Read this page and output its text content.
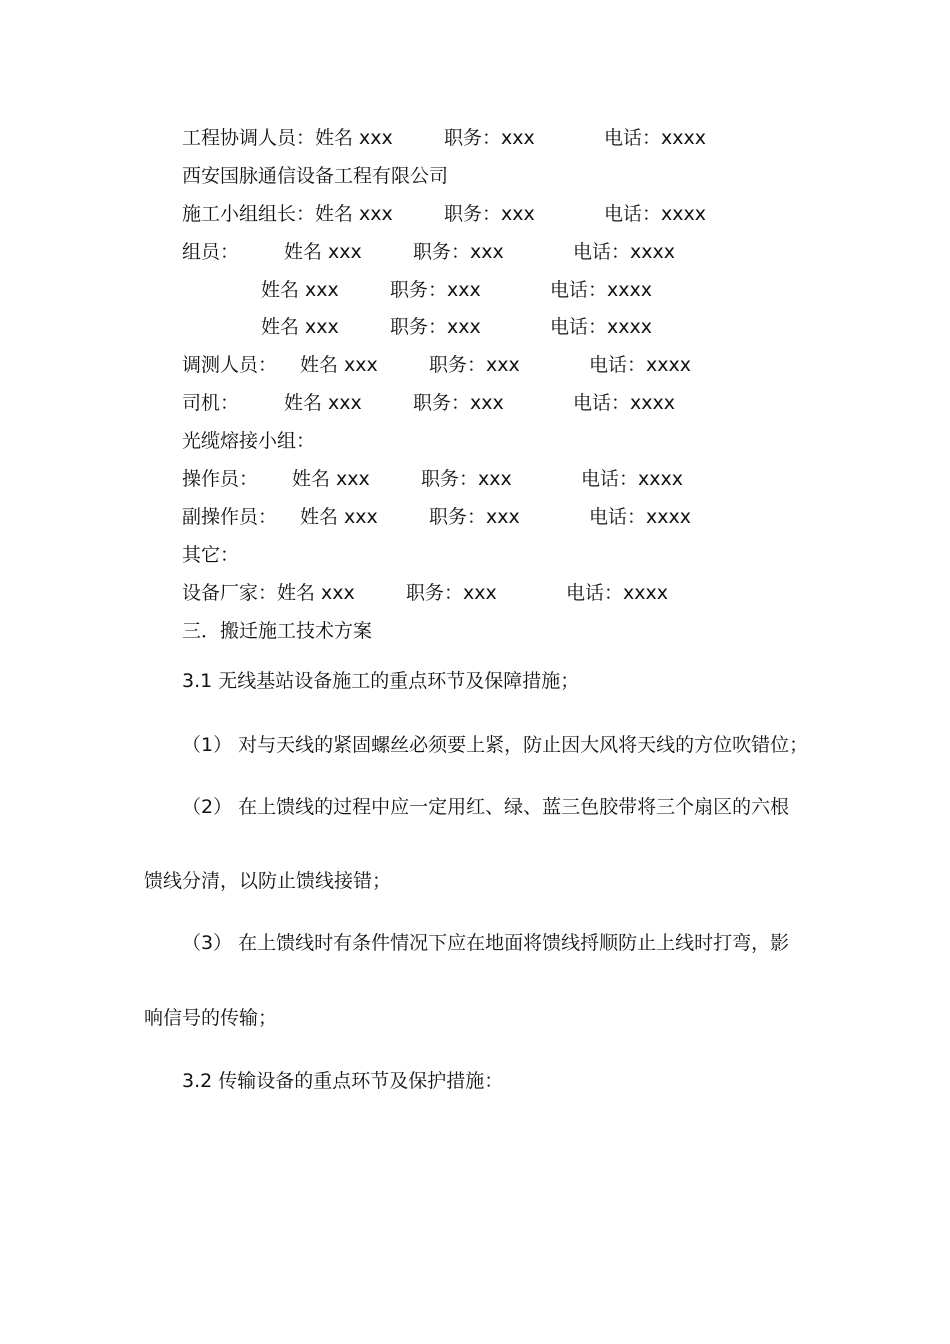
工程协调人员： 姓名 xxx	职务：xxx	电话：xxxx
西安国脉通信设备工程有限公司
施工小组组长： 姓名 xxx	职务：xxx	电话：xxxx
组员： 姓名 xxx	职务：xxx	电话：xxxx
姓名 xxx	职务：xxx	电话：xxxx
姓名 xxx	职务：xxx	电话：xxxx
调测人员： 姓名 xxx	职务：xxx	电话：xxxx
司机： 姓名 xxx	职务：xxx	电话：xxxx
光缆熔接小组：
操作员： 姓名 xxx	职务：xxx	电话：xxxx
副操作员： 姓名 xxx	职务：xxx	电话：xxxx
其它：
设备厂家： 姓名 xxx	职务：xxx	电话：xxxx
三．搬迁施工技术方案
3.1 无线基站设备施工的重点环节及保障措施；
（1） 对与天线的紧固螺丝必须要上紧，防止因大风将天线的方位吹错位；
（2） 在上馈线的过程中应一定用红、绿、蓝三色胶带将三个扇区的六根
馈线分清，以防止馈线接错；
（3） 在上馈线时有条件情况下应在地面将馈线捋顺防止上线时打弯，影
响信号的传输；
3.2 传输设备的重点环节及保护措施：
